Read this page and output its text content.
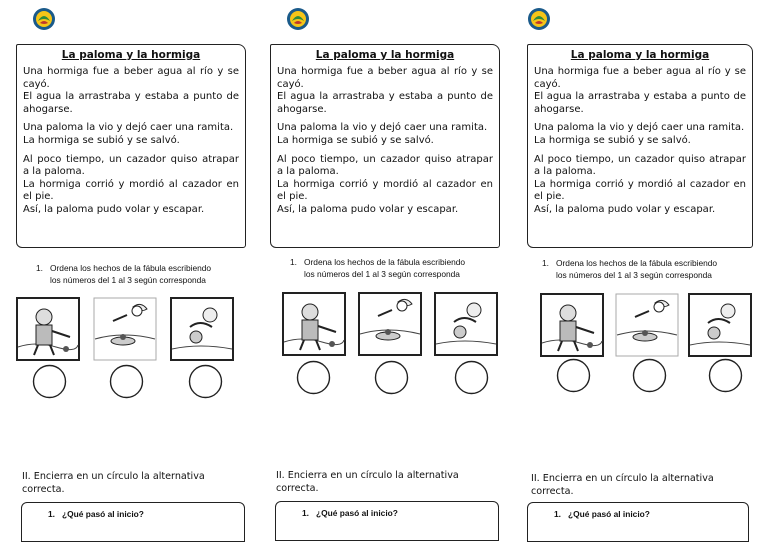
La paloma y la hormiga

Una hormiga fue a beber agua al río y se cayó.

El agua la arrastraba y estaba a punto de ahogarse.

Una paloma la vio y dejó caer una ramita.

La hormiga se subió y se salvó.

Al poco tiempo, un cazador quiso atrapar a la paloma.

La hormiga corrió y mordió al cazador en el pie.

Así, la paloma pudo volar y escapar.

1. Ordena los hechos de la fábula escribiendo
los números del 1 al 3 según corresponda
II. Encierra en un círculo la alternativa
correcta.
1. ¿Qué pasó al inicio?
La paloma y la hormiga

Una hormiga fue a beber agua al río y se cayó.

El agua la arrastraba y estaba a punto de ahogarse.

Una paloma la vio y dejó caer una ramita.

La hormiga se subió y se salvó.

Al poco tiempo, un cazador quiso atrapar a la paloma.

La hormiga corrió y mordió al cazador en el pie.

Así, la paloma pudo volar y escapar.

1. Ordena los hechos de la fábula escribiendo
los números del 1 al 3 según corresponda
II. Encierra en un círculo la alternativa
correcta.
1. ¿Qué pasó al inicio?
La paloma y la hormiga

Una hormiga fue a beber agua al río y se cayó.

El agua la arrastraba y estaba a punto de ahogarse.

Una paloma la vio y dejó caer una ramita.

La hormiga se subió y se salvó.

Al poco tiempo, un cazador quiso atrapar a la paloma.

La hormiga corrió y mordió al cazador en el pie.

Así, la paloma pudo volar y escapar.

1. Ordena los hechos de la fábula escribiendo
los números del 1 al 3 según corresponda
II. Encierra en un círculo la alternativa
correcta.
1. ¿Qué pasó al inicio?
